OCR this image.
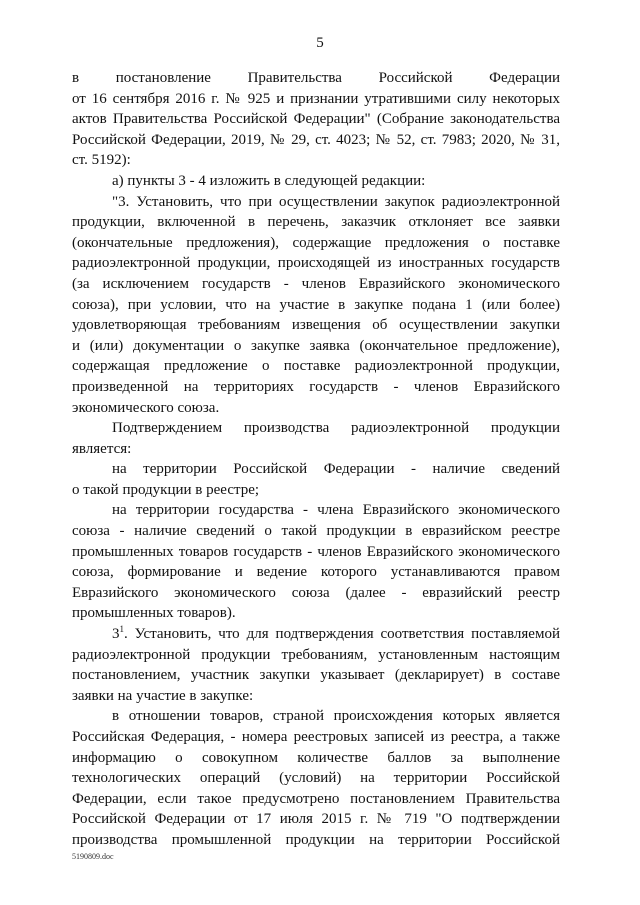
5
в постановление Правительства Российской Федерации
от 16 сентября 2016 г. № 925 и признании утратившими силу некоторых
актов Правительства Российской Федерации" (Собрание законодательства
Российской Федерации, 2019, № 29, ст. 4023; № 52, ст. 7983; 2020, № 31,
ст. 5192):
а) пункты 3 - 4 изложить в следующей редакции:
"3. Установить, что при осуществлении закупок радиоэлектронной
продукции, включенной в перечень, заказчик отклоняет все заявки
(окончательные предложения), содержащие предложения о поставке
радиоэлектронной продукции, происходящей из иностранных государств
(за исключением государств - членов Евразийского экономического
союза), при условии, что на участие в закупке подана 1 (или более)
удовлетворяющая требованиям извещения об осуществлении закупки
и (или) документации о закупке заявка (окончательное предложение),
содержащая предложение о поставке радиоэлектронной продукции,
произведенной на территориях государств - членов Евразийского
экономического союза.
Подтверждением производства радиоэлектронной продукции
является:
на территории Российской Федерации - наличие сведений
о такой продукции в реестре;
на территории государства - члена Евразийского экономического
союза - наличие сведений о такой продукции в евразийском реестре
промышленных товаров государств - членов Евразийского экономического
союза, формирование и ведение которого устанавливаются правом
Евразийского экономического союза (далее - евразийский реестр
промышленных товаров).
$3^1$. Установить, что для подтверждения соответствия поставляемой
радиоэлектронной продукции требованиям, установленным настоящим
постановлением, участник закупки указывает (декларирует) в составе
заявки на участие в закупке:
в отношении товаров, страной происхождения которых является
Российская Федерация, - номера реестровых записей из реестра, а также
информацию о совокупном количестве баллов за выполнение
технологических операций (условий) на территории Российской
Федерации, если такое предусмотрено постановлением Правительства
Российской Федерации от 17 июля 2015 г. № 719 "О подтверждении
производства промышленной продукции на территории Российской
5190809.doc
